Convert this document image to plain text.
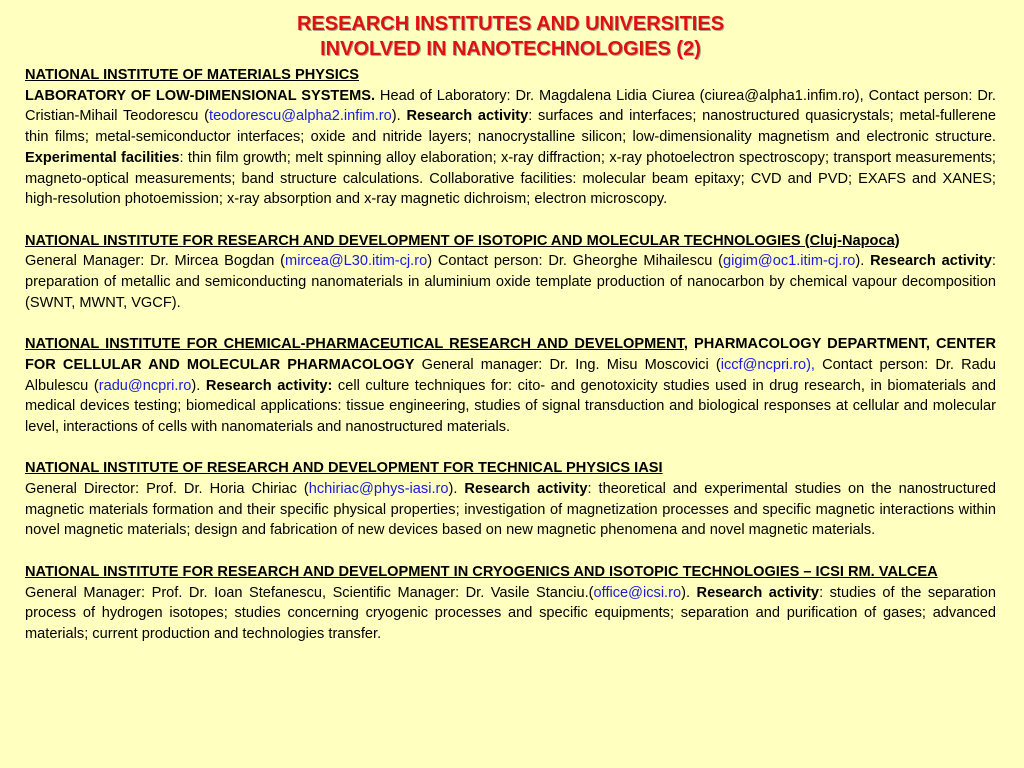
RESEARCH INSTITUTES AND UNIVERSITIES
INVOLVED IN NANOTECHNOLOGIES (2)
NATIONAL INSTITUTE OF MATERIALS PHYSICS
LABORATORY OF LOW-DIMENSIONAL SYSTEMS. Head of Laboratory: Dr. Magdalena Lidia Ciurea (ciurea@alpha1.infim.ro), Contact person: Dr. Cristian-Mihail Teodorescu (teodorescu@alpha2.infim.ro). Research activity: surfaces and interfaces; nanostructured quasicrystals; metal-fullerene thin films; metal-semiconductor interfaces; oxide and nitride layers; nanocrystalline silicon; low-dimensionality magnetism and electronic structure. Experimental facilities: thin film growth; melt spinning alloy elaboration; x-ray diffraction; x-ray photoelectron spectroscopy; transport measurements; magneto-optical measurements; band structure calculations. Collaborative facilities: molecular beam epitaxy; CVD and PVD; EXAFS and XANES; high-resolution photoemission; x-ray absorption and x-ray magnetic dichroism; electron microscopy.
NATIONAL INSTITUTE FOR RESEARCH AND DEVELOPMENT OF ISOTOPIC AND MOLECULAR TECHNOLOGIES (Cluj-Napoca)
General Manager: Dr. Mircea Bogdan (mircea@L30.itim-cj.ro) Contact person: Dr. Gheorghe Mihailescu (gigim@oc1.itim-cj.ro). Research activity: preparation of metallic and semiconducting nanomaterials in aluminium oxide template production of nanocarbon by chemical vapour decomposition (SWNT, MWNT, VGCF).
NATIONAL INSTITUTE FOR CHEMICAL-PHARMACEUTICAL RESEARCH AND DEVELOPMENT, PHARMACOLOGY DEPARTMENT, CENTER FOR CELLULAR AND MOLECULAR PHARMACOLOGY General manager: Dr. Ing. Misu Moscovici (iccf@ncpri.ro), Contact person: Dr. Radu Albulescu (radu@ncpri.ro). Research activity: cell culture techniques for: cito- and genotoxicity studies used in drug research, in biomaterials and medical devices testing; biomedical applications: tissue engineering, studies of signal transduction and biological responses at cellular and molecular level, interactions of cells with nanomaterials and nanostructured materials.
NATIONAL INSTITUTE OF RESEARCH AND DEVELOPMENT FOR TECHNICAL PHYSICS IASI
General Director: Prof. Dr. Horia Chiriac (hchiriac@phys-iasi.ro). Research activity: theoretical and experimental studies on the nanostructured magnetic materials formation and their specific physical properties; investigation of magnetization processes and specific magnetic interactions within novel magnetic materials; design and fabrication of new devices based on new magnetic phenomena and novel magnetic materials.
NATIONAL INSTITUTE FOR RESEARCH AND DEVELOPMENT IN CRYOGENICS AND ISOTOPIC TECHNOLOGIES – ICSI RM. VALCEA
General Manager: Prof. Dr. Ioan Stefanescu, Scientific Manager: Dr. Vasile Stanciu.(office@icsi.ro). Research activity: studies of the separation process of hydrogen isotopes; studies concerning cryogenic processes and specific equipments; separation and purification of gases; advanced materials; current production and technologies transfer.
